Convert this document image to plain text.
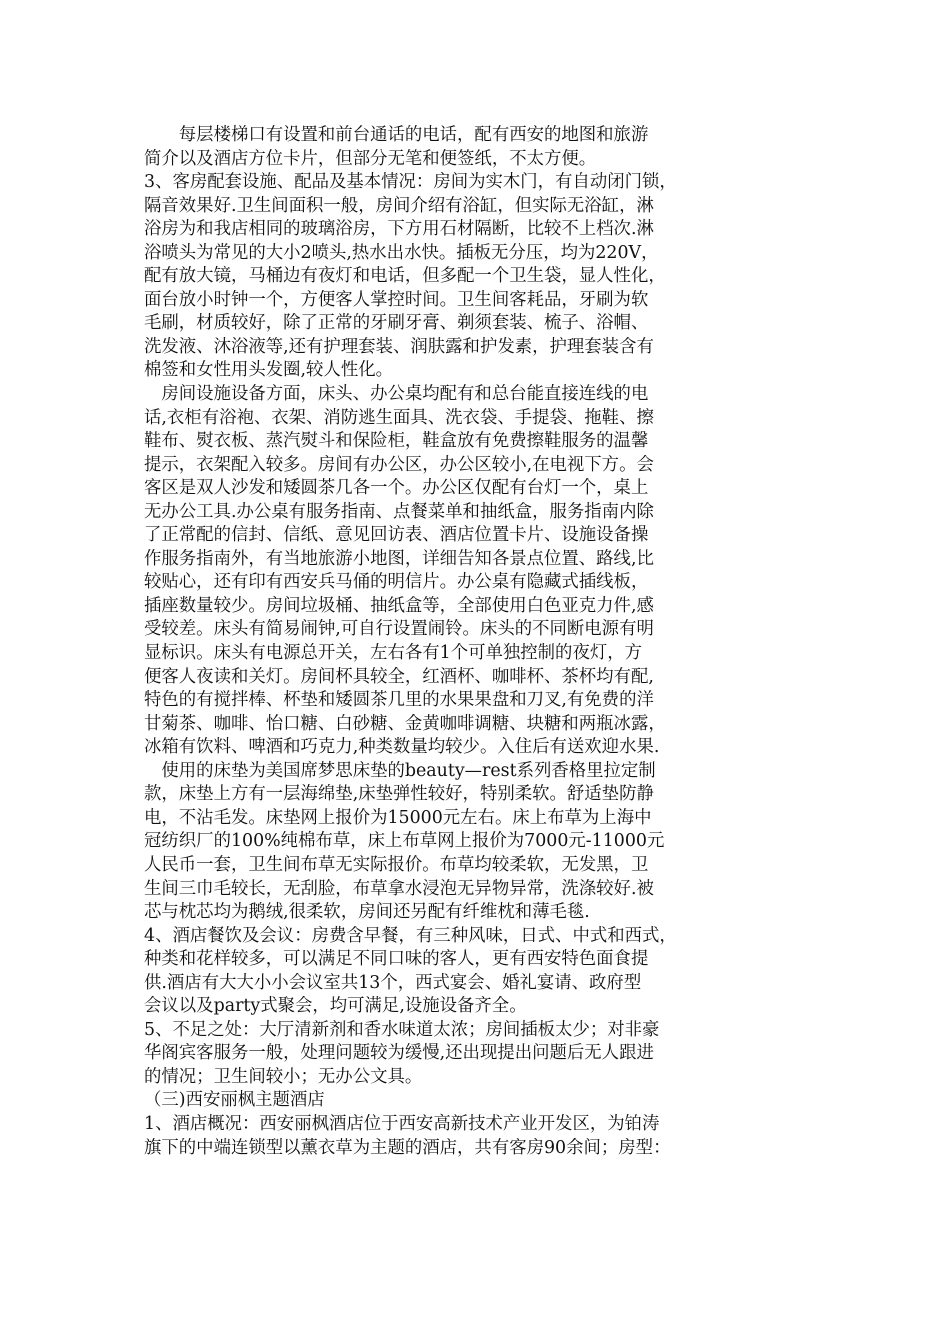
　　每层楼梯口有设置和前台通话的电话，配有西安的地图和旅游
简介以及酒店方位卡片，但部分无笔和便签纸，不太方便。

3、客房配套设施、配品及基本情况：房间为实木门，有自动闭门锁，
隔音效果好.卫生间面积一般，房间介绍有浴缸，但实际无浴缸，淋
浴房为和我店相同的玻璃浴房，下方用石材隔断，比较不上档次.淋
浴喷头为常见的大小2喷头,热水出水快。插板无分压，均为220V，
配有放大镜，马桶边有夜灯和电话，但多配一个卫生袋，显人性化，
面台放小时钟一个，方便客人掌控时间。卫生间客耗品，牙刷为软
毛刷，材质较好，除了正常的牙刷牙膏、剃须套装、梳子、浴帽、
洗发液、沐浴液等,还有护理套装、润肤露和护发素，护理套装含有
棉签和女性用头发圈,较人性化。

　房间设施设备方面，床头、办公桌均配有和总台能直接连线的电
话,衣柜有浴袍、衣架、消防逃生面具、洗衣袋、手提袋、拖鞋、擦
鞋布、熨衣板、蒸汽熨斗和保险柜，鞋盒放有免费擦鞋服务的温馨
提示，衣架配入较多。房间有办公区，办公区较小,在电视下方。会
客区是双人沙发和矮圆茶几各一个。办公区仅配有台灯一个，桌上
无办公工具.办公桌有服务指南、点餐菜单和抽纸盒，服务指南内除
了正常配的信封、信纸、意见回访表、酒店位置卡片、设施设备操
作服务指南外，有当地旅游小地图，详细告知各景点位置、路线,比
较贴心，还有印有西安兵马俑的明信片。办公桌有隐藏式插线板，
插座数量较少。房间垃圾桶、抽纸盒等，全部使用白色亚克力件,感
受较差。床头有简易闹钟,可自行设置闹铃。床头的不同断电源有明
显标识。床头有电源总开关，左右各有1个可单独控制的夜灯，方
便客人夜读和关灯。房间杯具较全，红酒杯、咖啡杯、茶杯均有配,
特色的有搅拌棒、杯垫和矮圆茶几里的水果果盘和刀叉,有免费的洋
甘菊茶、咖啡、怡口糖、白砂糖、金黄咖啡调糖、块糖和两瓶冰露，
冰箱有饮料、啤酒和巧克力,种类数量均较少。入住后有送欢迎水果.

　使用的床垫为美国席梦思床垫的beauty—rest系列香格里拉定制
款，床垫上方有一层海绵垫,床垫弹性较好，特别柔软。舒适垫防静
电，不沾毛发。床垫网上报价为15000元左右。床上布草为上海中
冠纺织厂的100%纯棉布草，床上布草网上报价为7000元-11000元
人民币一套，卫生间布草无实际报价。布草均较柔软，无发黑，卫
生间三巾毛较长，无刮脸，布草拿水浸泡无异物异常，洗涤较好.被
芯与枕芯均为鹅绒,很柔软，房间还另配有纤维枕和薄毛毯.

4、酒店餐饮及会议：房费含早餐，有三种风味，日式、中式和西式，
种类和花样较多，可以满足不同口味的客人，更有西安特色面食提
供.酒店有大大小小会议室共13个，西式宴会、婚礼宴请、政府型
会议以及party式聚会，均可满足,设施设备齐全。

5、不足之处：大厅清新剂和香水味道太浓；房间插板太少；对非豪
华阁宾客服务一般，处理问题较为缓慢,还出现提出问题后无人跟进
的情况；卫生间较小；无办公文具。

（三)西安丽枫主题酒店

1、酒店概况：西安丽枫酒店位于西安高新技术产业开发区，为铂涛
旗下的中端连锁型以薰衣草为主题的酒店，共有客房90余间；房型：
